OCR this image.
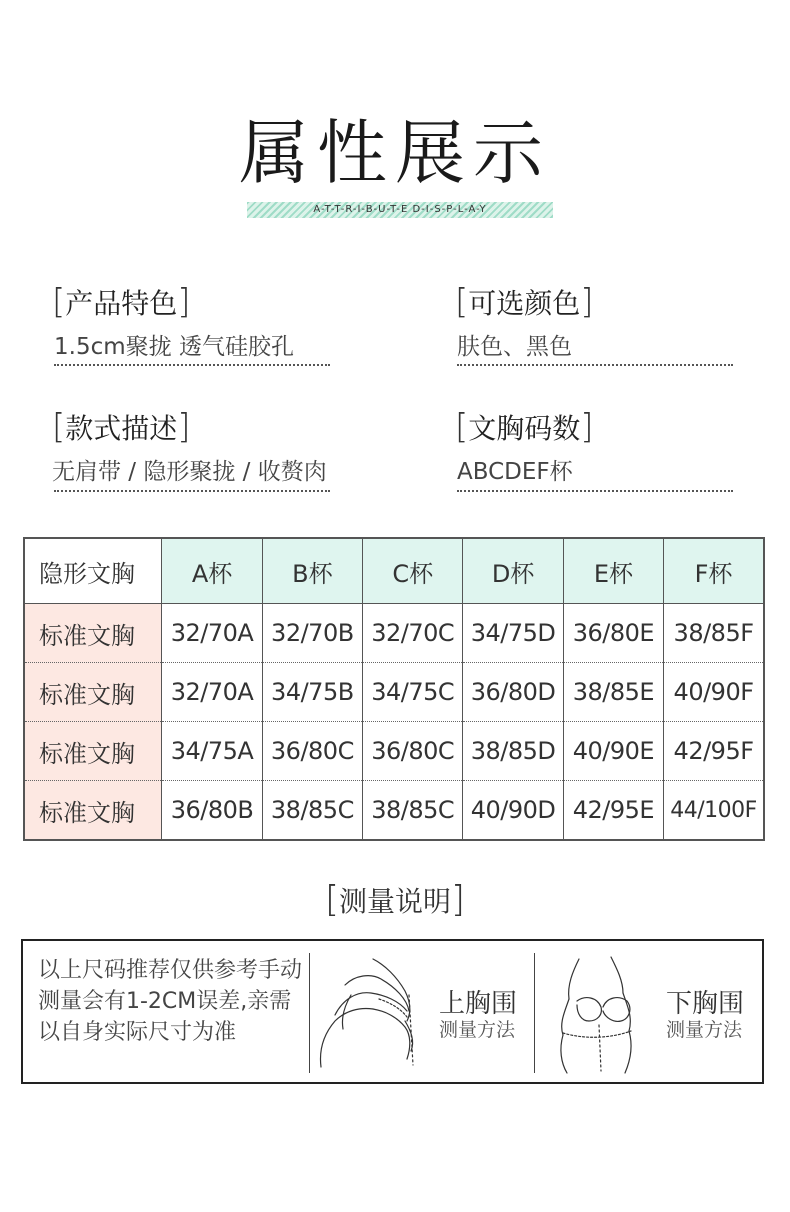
属性展示
A-T-T-R-I-B-U-T-E D-I-S-P-L-A-Y
[产品特色]
1.5cm聚拢 透气硅胶孔
[可选颜色]
肤色、黑色
[款式描述]
无肩带 / 隐形聚拢 / 收赘肉
[文胸码数]
ABCDEF杯
隐形文胸	A杯	B杯	C杯	D杯	E杯	F杯
标准文胸	32/70A	32/70B	32/70C	34/75D	36/80E	38/85F
标准文胸	32/70A	34/75B	34/75C	36/80D	38/85E	40/90F
标准文胸	34/75A	36/80C	36/80C	38/85D	40/90E	42/95F
标准文胸	36/80B	38/85C	38/85C	40/90D	42/95E	44/100F
[测量说明]
以上尺码推荐仅供参考手动测量会有1-2CM误差,亲需以自身实际尺寸为准
上胸围
测量方法
下胸围
测量方法
